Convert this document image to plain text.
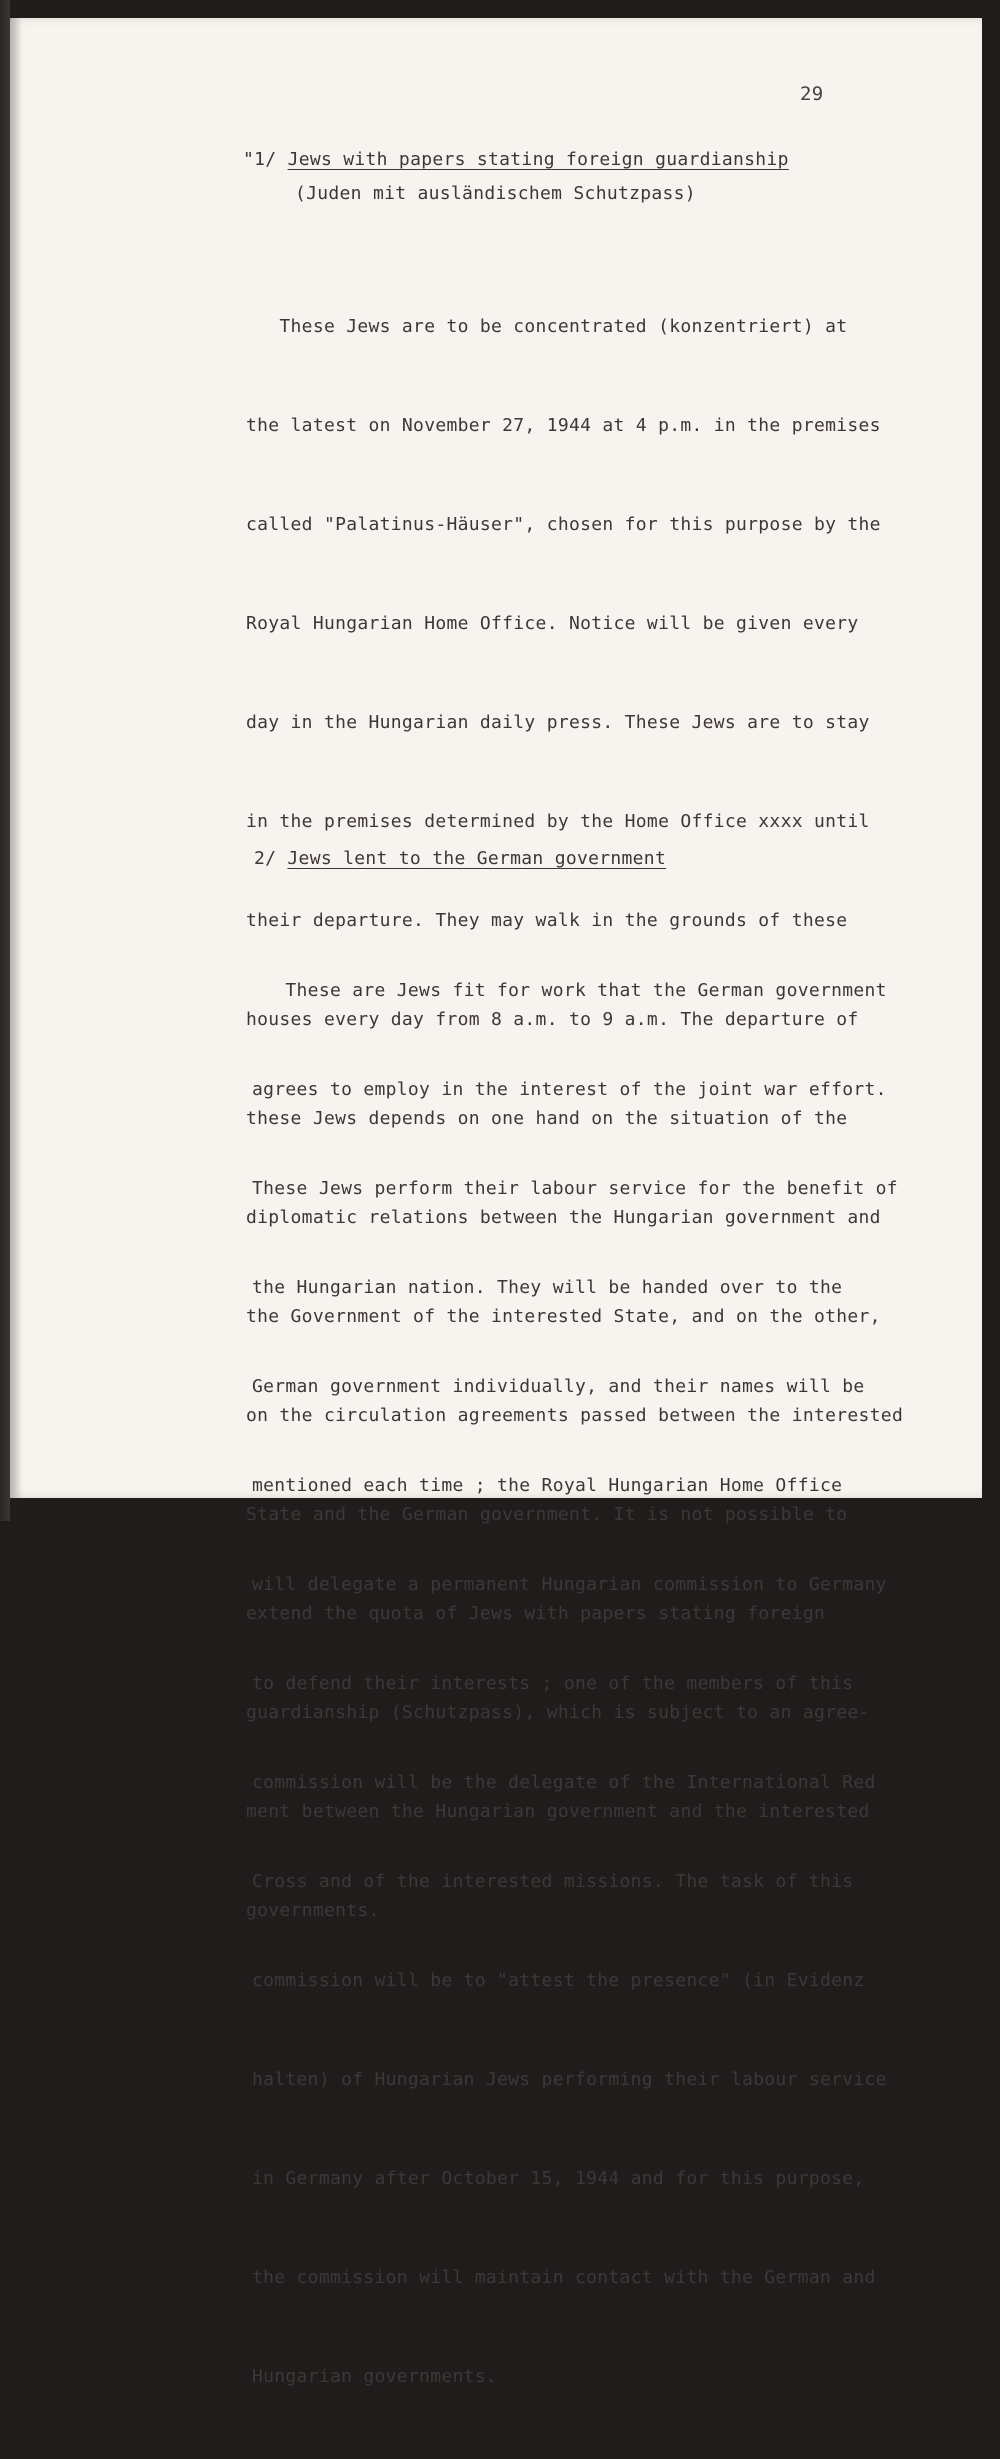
29
"1/ Jews with papers stating foreign guardianship
(Juden mit ausländischem Schutzpass)

These Jews are to be concentrated (konzentriert) at

the latest on November 27, 1944 at 4 p.m. in the premises

called "Palatinus-Häuser", chosen for this purpose by the

Royal Hungarian Home Office. Notice will be given every

day in the Hungarian daily press. These Jews are to stay

in the premises determined by the Home Office xxxx until

their departure. They may walk in the grounds of these

houses every day from 8 a.m. to 9 a.m. The departure of

these Jews depends on one hand on the situation of the

diplomatic relations between the Hungarian government and

the Government of the interested State, and on the other,

on the circulation agreements passed between the interested

State and the German government. It is not possible to

extend the quota of Jews with papers stating foreign

guardianship (Schutzpass), which is subject to an agree-

ment between the Hungarian government and the interested

governments.

2/ Jews lent to the German government

These are Jews fit for work that the German government

agrees to employ in the interest of the joint war effort.

These Jews perform their labour service for the benefit of

the Hungarian nation. They will be handed over to the

German government individually, and their names will be

mentioned each time ; the Royal Hungarian Home Office

will delegate a permanent Hungarian commission to Germany

to defend their interests ; one of the members of this

commission will be the delegate of the International Red

Cross and of the interested missions. The task of this

commission will be to "attest the presence" (in Evidenz

halten) of Hungarian Jews performing their labour service

in Germany after October 15, 1944 and for this purpose,

the commission will maintain contact with the German and

Hungarian governments.
